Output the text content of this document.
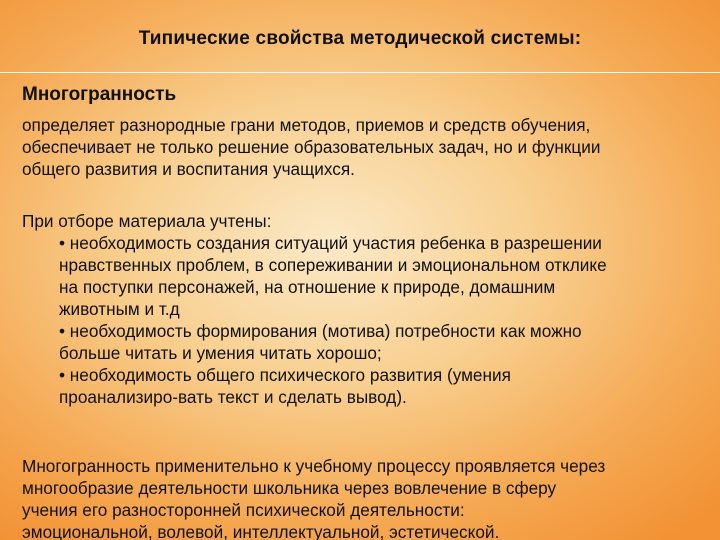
Типические свойства методической системы:
Многогранность
определяет разнородные грани методов, приемов и средств обучения,
обеспечивает не только решение образовательных задач, но и функции
общего развития и воспитания учащихся.
При отборе материала учтены:
• необходимость создания ситуаций участия ребенка в разрешении
нравственных проблем, в сопереживании и эмоциональном отклике
на поступки персонажей, на отношение к природе, домашним
животным и т.д
• необходимость формирования (мотива) потребности как можно
больше читать и умения читать хорошо;
• необходимость общего психического развития (умения
проанализиро-вать текст и сделать вывод).
Многогранность применительно к учебному процессу проявляется через
многообразие деятельности школьника через вовлечение в сферу
учения его разносторонней психической деятельности:
эмоциональной, волевой, интеллектуальной, эстетической.
